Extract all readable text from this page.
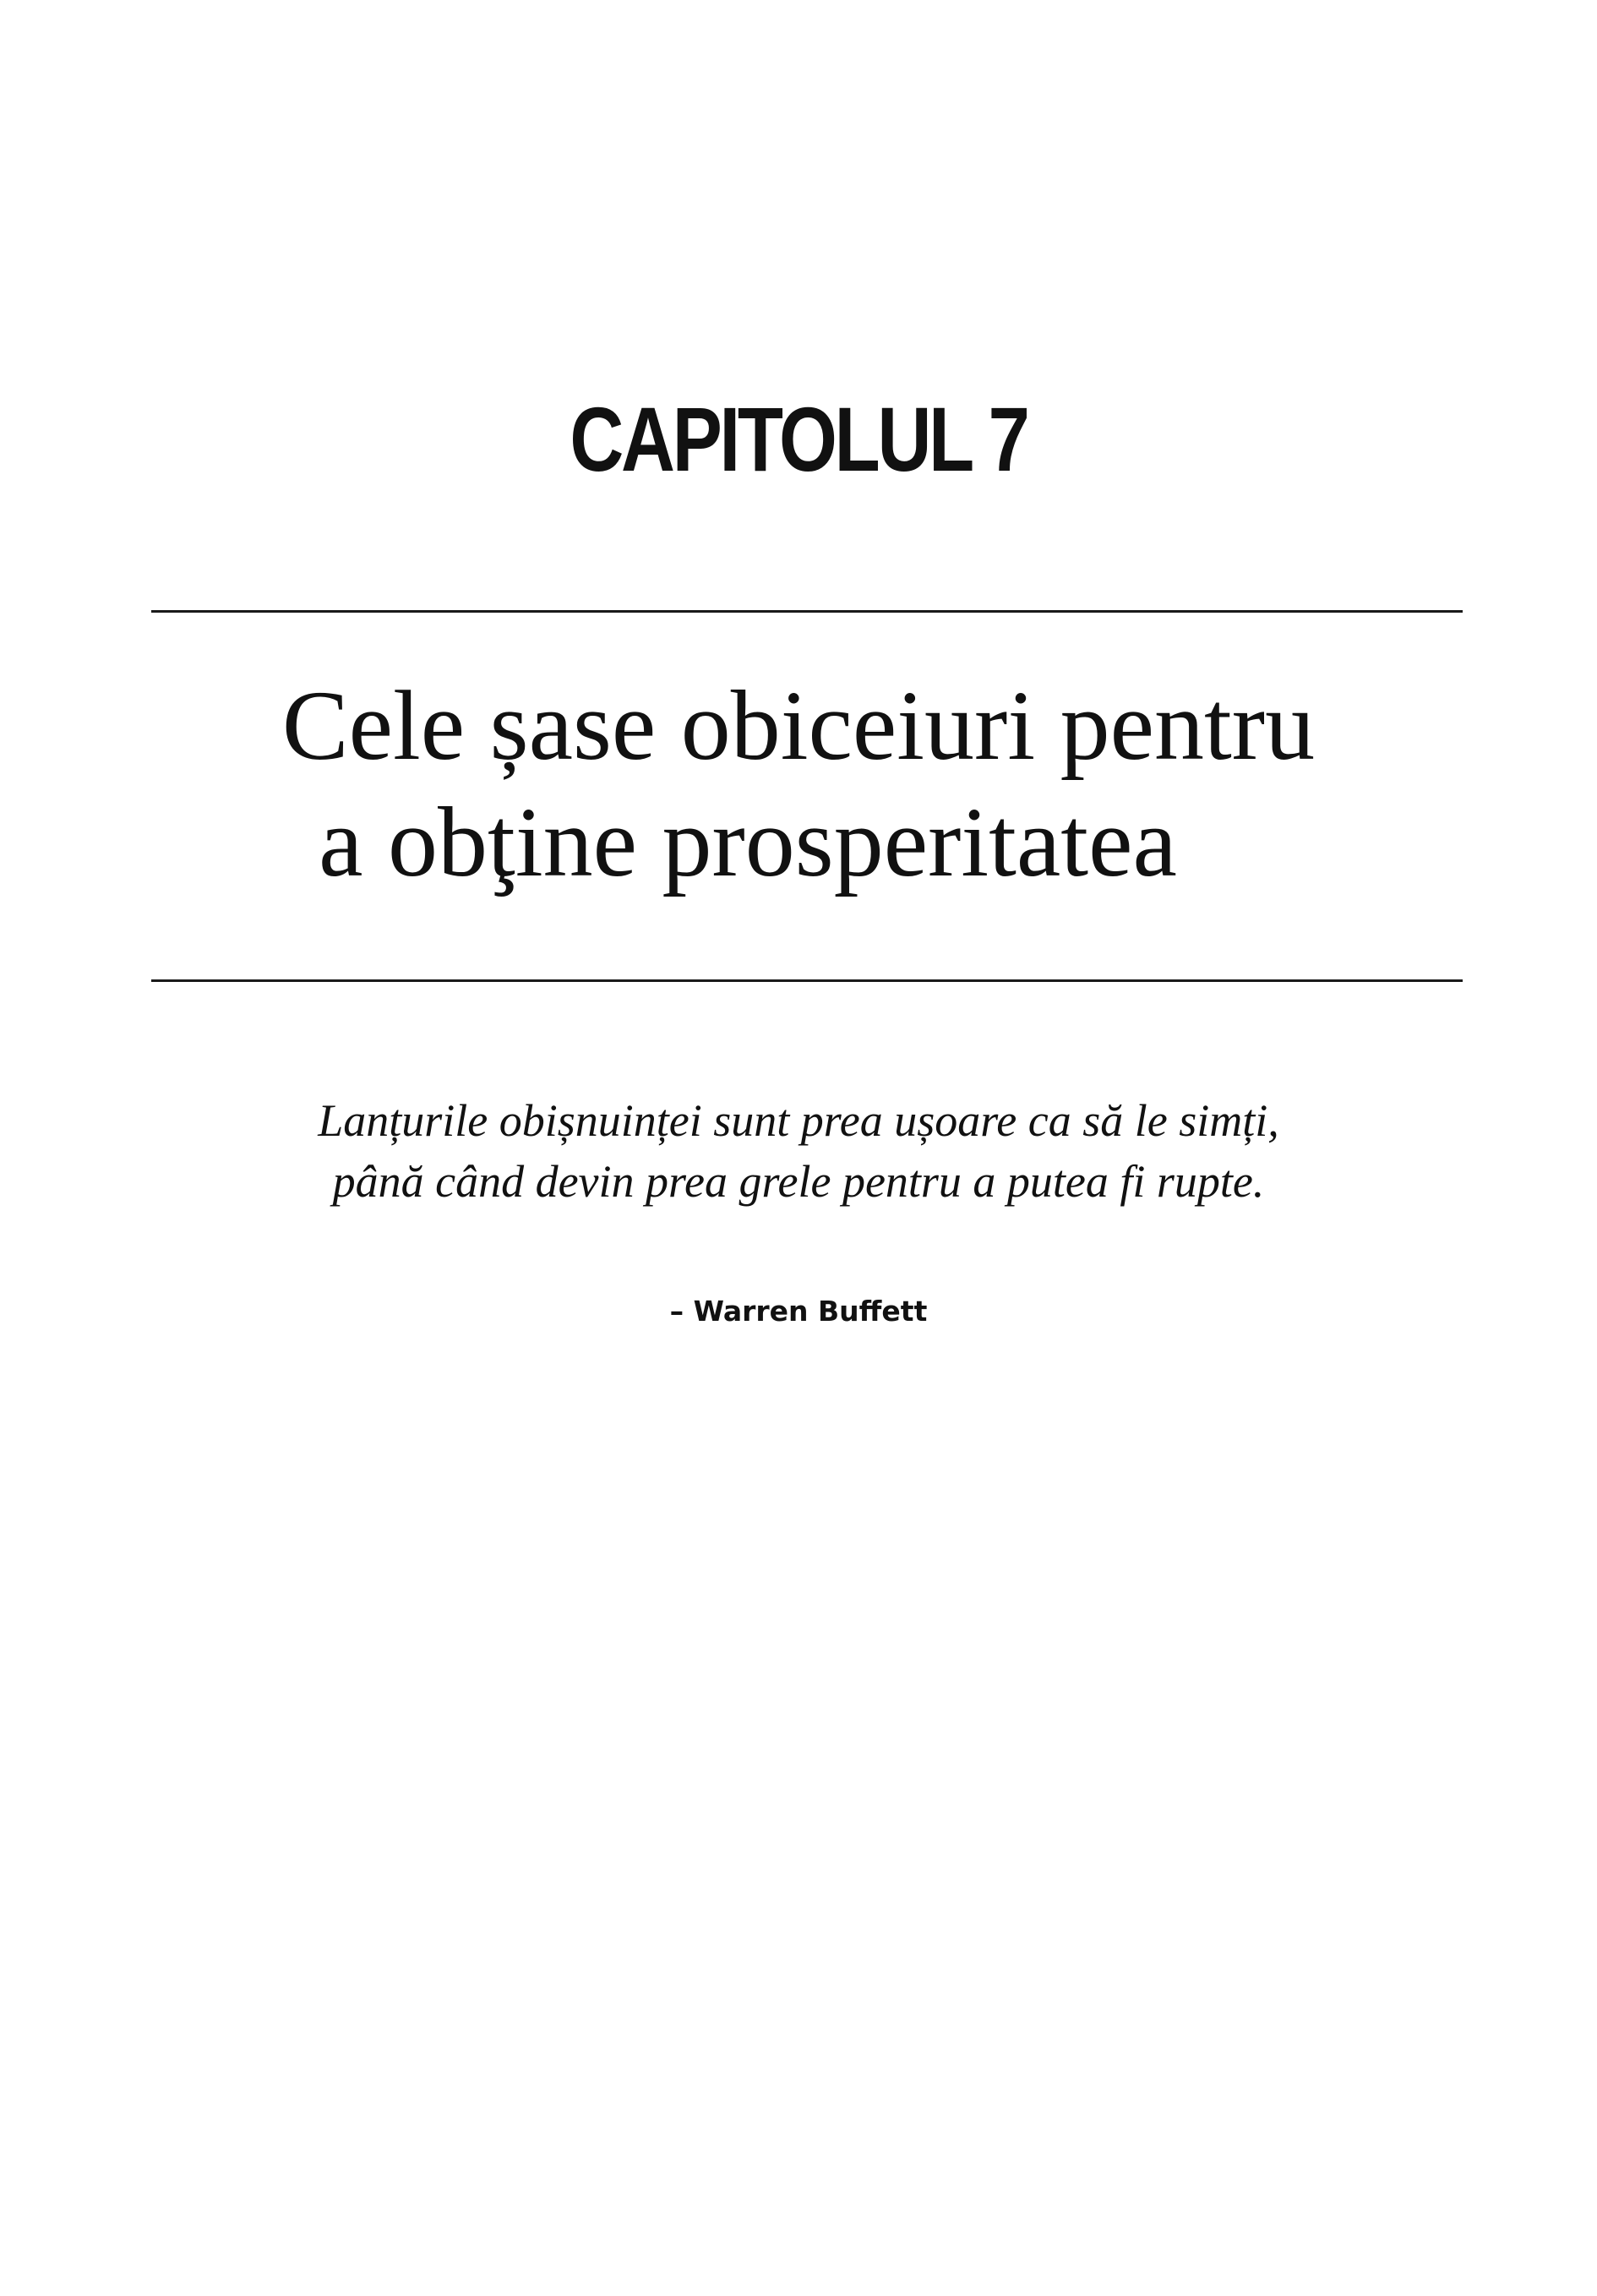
CAPITOLUL 7
Cele șase obiceiuri pentru
a obţine prosperitatea
Lanțurile obișnuinței sunt prea ușoare ca să le simți,
până când devin prea grele pentru a putea fi rupte.
– Warren Buffett
